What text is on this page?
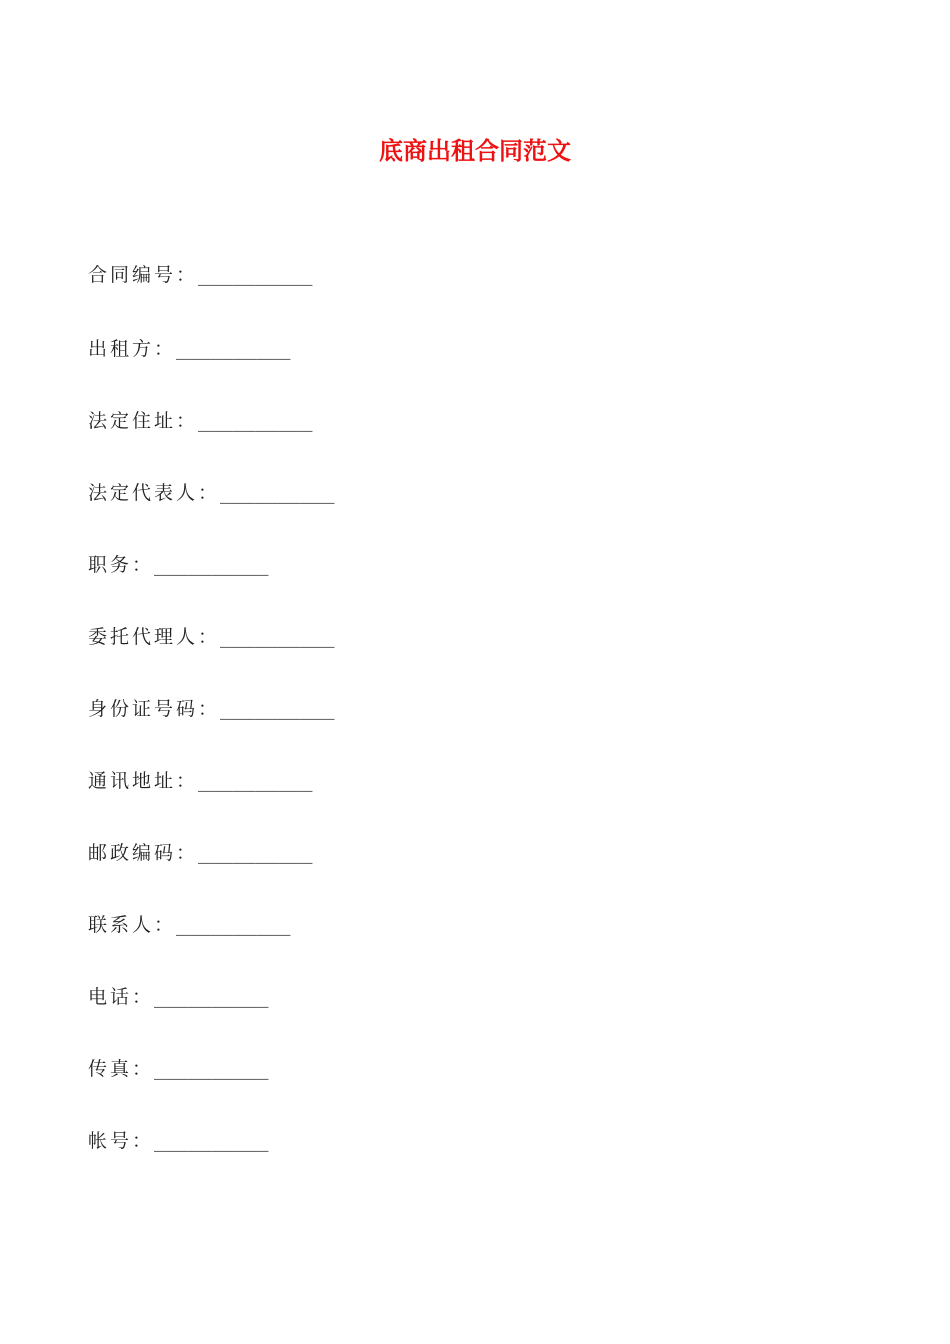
底商出租合同范文
合同编号： __________
出租方： __________
法定住址： __________
法定代表人： __________
职务： __________
委托代理人： __________
身份证号码： __________
通讯地址： __________
邮政编码： __________
联系人： __________
电话： __________
传真： __________
帐号： __________
